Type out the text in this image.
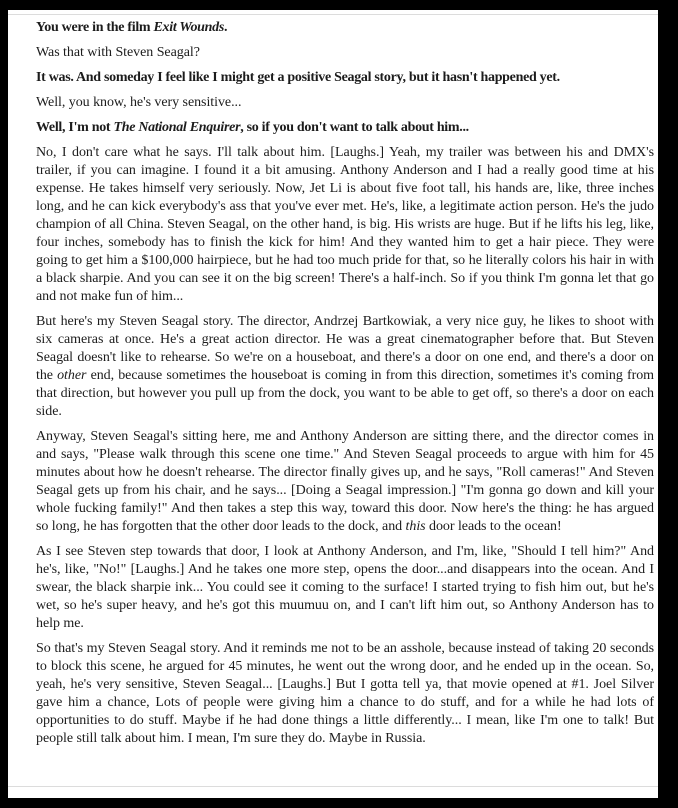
You were in the film Exit Wounds.

Was that with Steven Seagal?

It was. And someday I feel like I might get a positive Seagal story, but it hasn't happened yet.

Well, you know, he's very sensitive...

Well, I'm not The National Enquirer, so if you don't want to talk about him...

No, I don't care what he says. I'll talk about him. [Laughs.] Yeah, my trailer was between his and DMX's trailer, if you can imagine. I found it a bit amusing. Anthony Anderson and I had a really good time at his expense. He takes himself very seriously. Now, Jet Li is about five foot tall, his hands are, like, three inches long, and he can kick everybody's ass that you've ever met. He's, like, a legitimate action person. He's the judo champion of all China. Steven Seagal, on the other hand, is big. His wrists are huge. But if he lifts his leg, like, four inches, somebody has to finish the kick for him! And they wanted him to get a hair piece. They were going to get him a $100,000 hairpiece, but he had too much pride for that, so he literally colors his hair in with a black sharpie. And you can see it on the big screen! There's a half-inch. So if you think I'm gonna let that go and not make fun of him...

But here's my Steven Seagal story. The director, Andrzej Bartkowiak, a very nice guy, he likes to shoot with six cameras at once. He's a great action director. He was a great cinematographer before that. But Steven Seagal doesn't like to rehearse. So we're on a houseboat, and there's a door on one end, and there's a door on the other end, because sometimes the houseboat is coming in from this direction, sometimes it's coming from that direction, but however you pull up from the dock, you want to be able to get off, so there's a door on each side.

Anyway, Steven Seagal's sitting here, me and Anthony Anderson are sitting there, and the director comes in and says, "Please walk through this scene one time." And Steven Seagal proceeds to argue with him for 45 minutes about how he doesn't rehearse. The director finally gives up, and he says, "Roll cameras!" And Steven Seagal gets up from his chair, and he says... [Doing a Seagal impression.] "I'm gonna go down and kill your whole fucking family!" And then takes a step this way, toward this door. Now here's the thing: he has argued so long, he has forgotten that the other door leads to the dock, and this door leads to the ocean!

As I see Steven step towards that door, I look at Anthony Anderson, and I'm, like, "Should I tell him?" And he's, like, "No!" [Laughs.] And he takes one more step, opens the door...and disappears into the ocean. And I swear, the black sharpie ink... You could see it coming to the surface! I started trying to fish him out, but he's wet, so he's super heavy, and he's got this muumuu on, and I can't lift him out, so Anthony Anderson has to help me.

So that's my Steven Seagal story. And it reminds me not to be an asshole, because instead of taking 20 seconds to block this scene, he argued for 45 minutes, he went out the wrong door, and he ended up in the ocean. So, yeah, he's very sensitive, Steven Seagal... [Laughs.] But I gotta tell ya, that movie opened at #1. Joel Silver gave him a chance, Lots of people were giving him a chance to do stuff, and for a while he had lots of opportunities to do stuff. Maybe if he had done things a little differently... I mean, like I'm one to talk! But people still talk about him. I mean, I'm sure they do. Maybe in Russia.
